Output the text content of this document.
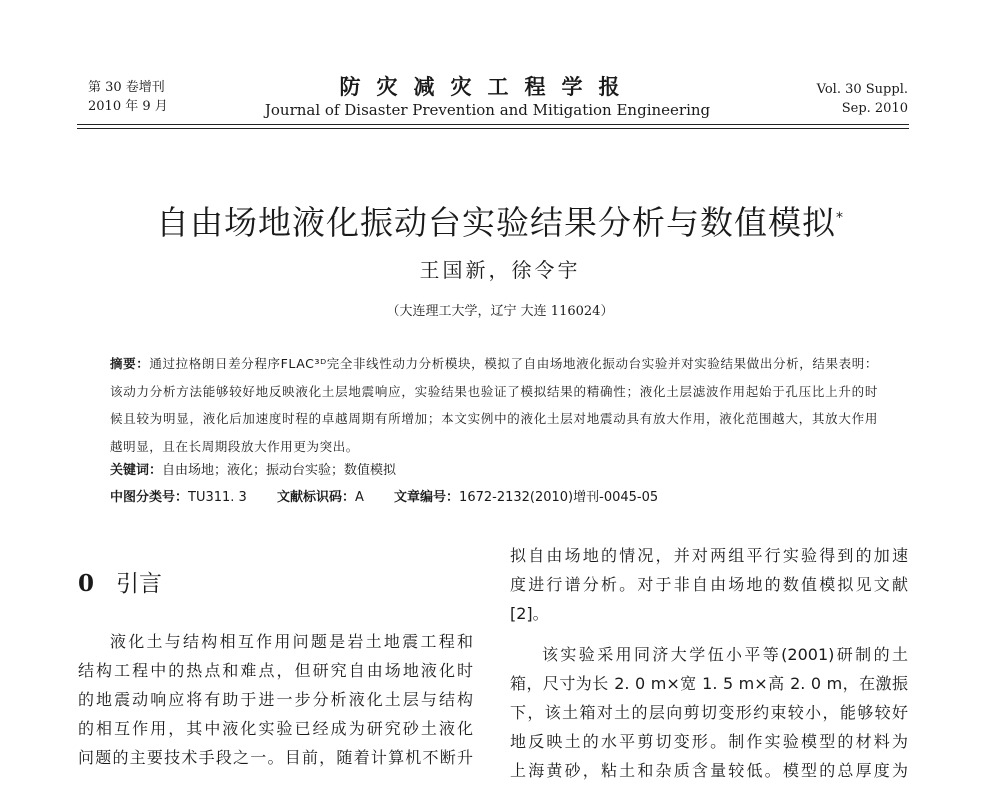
第 30 卷增刊
2010 年 9 月
防灾减灾工程学报
Journal of Disaster Prevention and Mitigation Engineering
Vol. 30 Suppl.
Sep. 2010
自由场地液化振动台实验结果分析与数值模拟*
王国新，徐令宇
（大连理工大学，辽宁 大连 116024）
摘要：通过拉格朗日差分程序FLAC³ᴰ完全非线性动力分析模块，模拟了自由场地液化振动台实验并对实验结果做出分析，结果表明：该动力分析方法能够较好地反映液化土层地震响应，实验结果也验证了模拟结果的精确性；液化土层滤波作用起始于孔压比上升的时候且较为明显，液化后加速度时程的卓越周期有所增加；本文实例中的液化土层对地震动具有放大作用，液化范围越大，其放大作用越明显，且在长周期段放大作用更为突出。
关键词：自由场地；液化；振动台实验；数值模拟
中图分类号：TU311. 3 文献标识码：A 文章编号：1672-2132(2010)增刊-0045-05
0 引言

液化土与结构相互作用问题是岩土地震工程和

结构工程中的热点和难点，但研究自由场地液化时

的地震动响应将有助于进一步分析液化土层与结构

的相互作用，其中液化实验已经成为研究砂土液化

问题的主要技术手段之一。目前，随着计算机不断升

拟自由场地的情况，并对两组平行实验得到的加速

度进行谱分析。对于非自由场地的数值模拟见文献

[2]。

该实验采用同济大学伍小平等(2001)研制的土

箱，尺寸为长 2. 0 m×宽 1. 5 m×高 2. 0 m，在激振

下，该土箱对土的层向剪切变形约束较小，能够较好

地反映土的水平剪切变形。制作实验模型的材料为

上海黄砂，粘土和杂质含量较低。模型的总厚度为
